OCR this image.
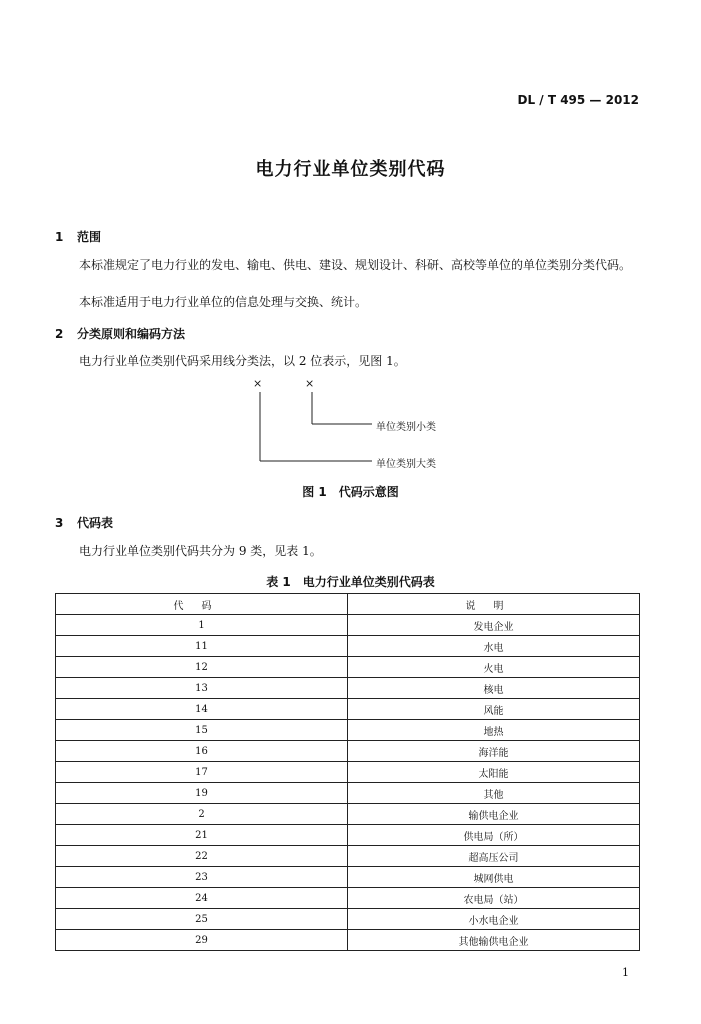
DL / T 495 — 2012
电力行业单位类别代码
1 范围
本标准规定了电力行业的发电、输电、供电、建设、规划设计、科研、高校等单位的单位类别分类代码。
本标准适用于电力行业单位的信息处理与交换、统计。
2 分类原则和编码方法
电力行业单位类别代码采用线分类法，以 2 位表示，见图 1。
×	×
单位类别小类
单位类别大类
图 1　代码示意图
3 代码表
电力行业单位类别代码共分为 9 类，见表 1。
表 1　电力行业单位类别代码表
代码	说明
1	发电企业
11	水电
12	火电
13	核电
14	风能
15	地热
16	海洋能
17	太阳能
19	其他
2	输供电企业
21	供电局（所）
22	超高压公司
23	城网供电
24	农电局（站）
25	小水电企业
29	其他输供电企业
1
